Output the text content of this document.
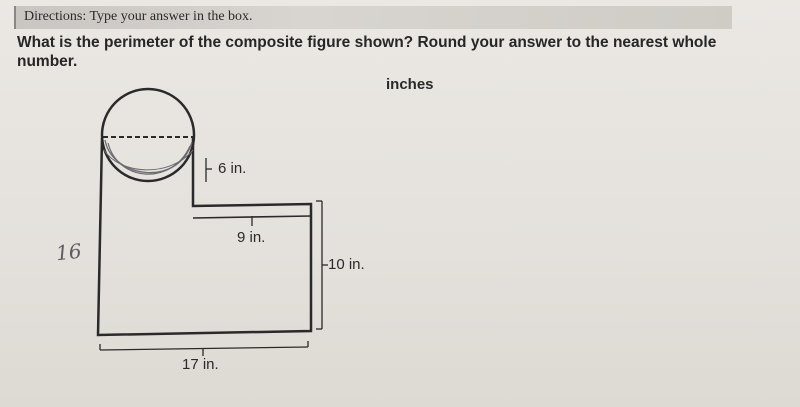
Directions: Type your answer in the box.
What is the perimeter of the composite figure shown? Round your answer to the nearest whole number.
inches
6 in.
9 in.
10 in.
17 in.
16
